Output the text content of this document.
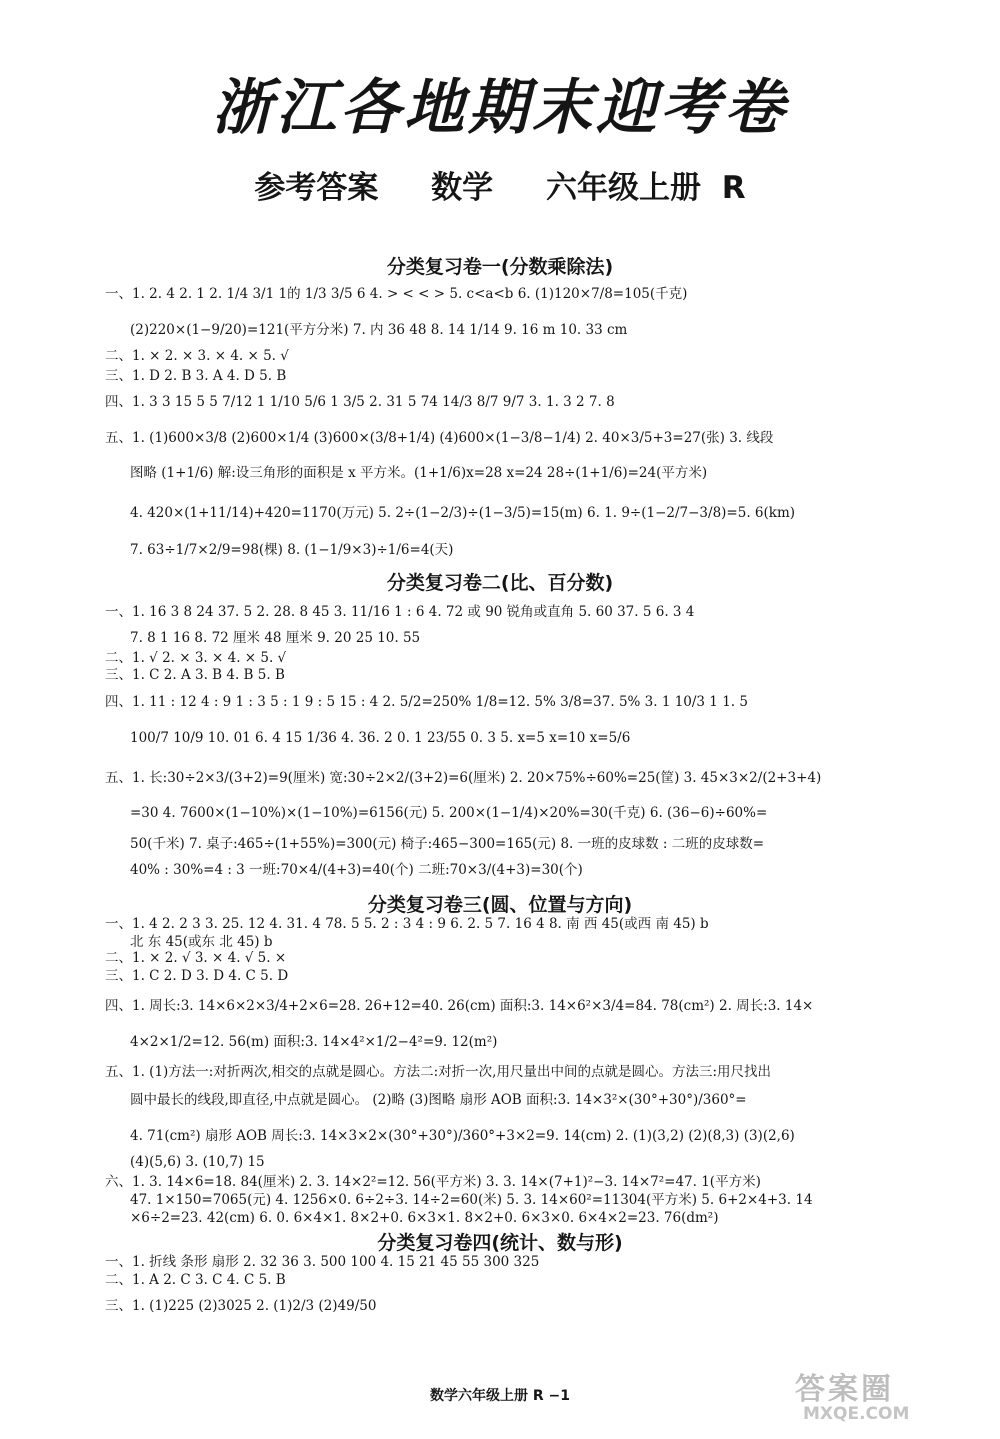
浙江各地期末迎考卷
参考答案 数学 六年级上册 R
分类复习卷一(分数乘除法)
一、1. 2. 4 2. 1 2. 1/4 3/1 1的 1/3 3/5 6 4. > < < > 5. c<a<b 6. (1)120×7/8=105(千克)
(2)220×(1−9/20)=121(平方分米) 7. 内 36 48 8. 14 1/14 9. 16 m 10. 33 cm
二、1. × 2. × 3. × 4. × 5. √
三、1. D 2. B 3. A 4. D 5. B
四、1. 3 3 15 5 5 7/12 1 1/10 5/6 1 3/5 2. 31 5 74 14/3 8/7 9/7 3. 1. 3 2 7. 8
五、1. (1)600×3/8 (2)600×1/4 (3)600×(3/8+1/4) (4)600×(1−3/8−1/4) 2. 40×3/5+3=27(张) 3. 线段
图略 (1+1/6) 解:设三角形的面积是 x 平方米。(1+1/6)x=28 x=24 28÷(1+1/6)=24(平方米)
4. 420×(1+11/14)+420=1170(万元) 5. 2÷(1−2/3)÷(1−3/5)=15(m) 6. 1. 9÷(1−2/7−3/8)=5. 6(km)
7. 63÷1/7×2/9=98(棵) 8. (1−1/9×3)÷1/6=4(天)
分类复习卷二(比、百分数)
一、1. 16 3 8 24 37. 5 2. 28. 8 45 3. 11/16 1 : 6 4. 72 或 90 锐角或直角 5. 60 37. 5 6. 3 4
7. 8 1 16 8. 72 厘米 48 厘米 9. 20 25 10. 55
二、1. √ 2. × 3. × 4. × 5. √
三、1. C 2. A 3. B 4. B 5. B
四、1. 11 : 12 4 : 9 1 : 3 5 : 1 9 : 5 15 : 4 2. 5/2=250% 1/8=12. 5% 3/8=37. 5% 3. 1 10/3 1 1. 5
100/7 10/9 10. 01 6. 4 15 1/36 4. 36. 2 0. 1 23/55 0. 3 5. x=5 x=10 x=5/6
五、1. 长:30÷2×3/(3+2)=9(厘米) 宽:30÷2×2/(3+2)=6(厘米) 2. 20×75%÷60%=25(筐) 3. 45×3×2/(2+3+4)
=30 4. 7600×(1−10%)×(1−10%)=6156(元) 5. 200×(1−1/4)×20%=30(千克) 6. (36−6)÷60%=
50(千米) 7. 桌子:465÷(1+55%)=300(元) 椅子:465−300=165(元) 8. 一班的皮球数 : 二班的皮球数=
40% : 30%=4 : 3 一班:70×4/(4+3)=40(个) 二班:70×3/(4+3)=30(个)
分类复习卷三(圆、位置与方向)
一、1. 4 2. 2 3 3. 25. 12 4. 31. 4 78. 5 5. 2 : 3 4 : 9 6. 2. 5 7. 16 4 8. 南 西 45(或西 南 45) b
北 东 45(或东 北 45) b
二、1. × 2. √ 3. × 4. √ 5. ×
三、1. C 2. D 3. D 4. C 5. D
四、1. 周长:3. 14×6×2×3/4+2×6=28. 26+12=40. 26(cm) 面积:3. 14×6²×3/4=84. 78(cm²) 2. 周长:3. 14×
4×2×1/2=12. 56(m) 面积:3. 14×4²×1/2−4²=9. 12(m²)
五、1. (1)方法一:对折两次,相交的点就是圆心。方法二:对折一次,用尺量出中间的点就是圆心。方法三:用尺找出
圆中最长的线段,即直径,中点就是圆心。 (2)略 (3)图略 扇形 AOB 面积:3. 14×3²×(30°+30°)/360°=
4. 71(cm²) 扇形 AOB 周长:3. 14×3×2×(30°+30°)/360°+3×2=9. 14(cm) 2. (1)(3,2) (2)(8,3) (3)(2,6)
(4)(5,6) 3. (10,7) 15
六、1. 3. 14×6=18. 84(厘米) 2. 3. 14×2²=12. 56(平方米) 3. 3. 14×(7+1)²−3. 14×7²=47. 1(平方米)
47. 1×150=7065(元) 4. 1256×0. 6÷2÷3. 14÷2=60(米) 5. 3. 14×60²=11304(平方米) 5. 6+2×4+3. 14
×6÷2=23. 42(cm) 6. 0. 6×4×1. 8×2+0. 6×3×1. 8×2+0. 6×3×0. 6×4×2=23. 76(dm²)
分类复习卷四(统计、数与形)
一、1. 折线 条形 扇形 2. 32 36 3. 500 100 4. 15 21 45 55 300 325
二、1. A 2. C 3. C 4. C 5. B
三、1. (1)225 (2)3025 2. (1)2/3 (2)49/50
数学六年级上册 R −1	答案圈
MXQE.COM
